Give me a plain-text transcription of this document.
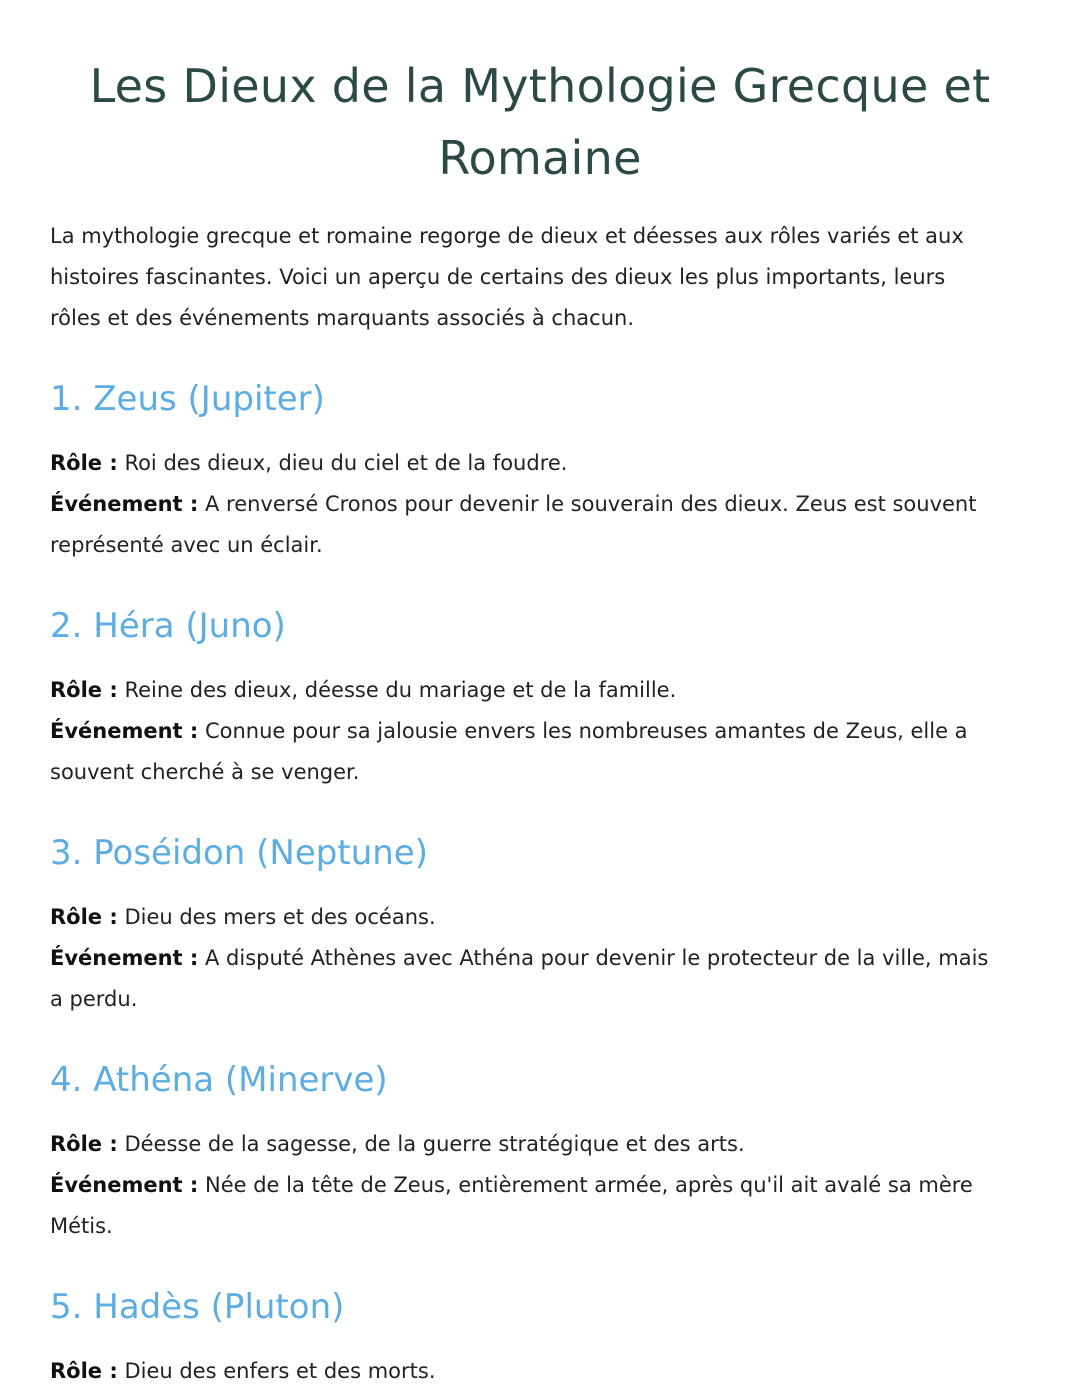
Les Dieux de la Mythologie Grecque et Romaine

La mythologie grecque et romaine regorge de dieux et déesses aux rôles variés et aux histoires fascinantes. Voici un aperçu de certains des dieux les plus importants, leurs rôles et des événements marquants associés à chacun.

1. Zeus (Jupiter)
Rôle : Roi des dieux, dieu du ciel et de la foudre.
Événement : A renversé Cronos pour devenir le souverain des dieux. Zeus est souvent représenté avec un éclair.
2. Héra (Juno)
Rôle : Reine des dieux, déesse du mariage et de la famille.
Événement : Connue pour sa jalousie envers les nombreuses amantes de Zeus, elle a souvent cherché à se venger.
3. Poséidon (Neptune)
Rôle : Dieu des mers et des océans.
Événement : A disputé Athènes avec Athéna pour devenir le protecteur de la ville, mais a perdu.
4. Athéna (Minerve)
Rôle : Déesse de la sagesse, de la guerre stratégique et des arts.
Événement : Née de la tête de Zeus, entièrement armée, après qu'il ait avalé sa mère Métis.
5. Hadès (Pluton)
Rôle : Dieu des enfers et des morts.
